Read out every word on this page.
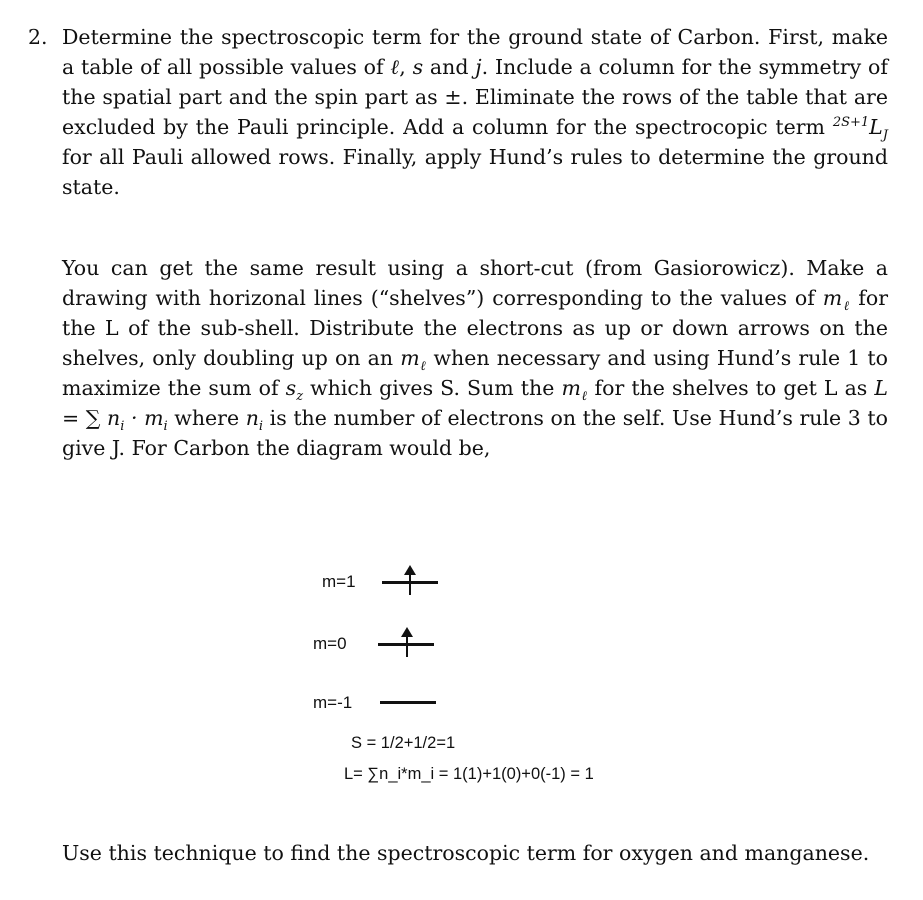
2. Determine the spectroscopic term for the ground state of Carbon. First, make a table of all possible values of ℓ, s and j. Include a column for the symmetry of the spatial part and the spin part as ±. Eliminate the rows of the table that are excluded by the Pauli principle. Add a column for the spectrocopic term $^{2S+1}L_J$ for all Pauli allowed rows. Finally, apply Hund’s rules to determine the ground state.
You can get the same result using a short-cut (from Gasiorowicz). Make a drawing with horizonal lines (“shelves”) corresponding to the values of $m_\ell$ for the L of the sub-shell. Distribute the electrons as up or down arrows on the shelves, only doubling up on an $m_\ell$ when necessary and using Hund’s rule 1 to maximize the sum of $s_z$ which gives S. Sum the $m_\ell$ for the shelves to get L as L = ∑ $n_i \cdot m_i$ where $n_i$ is the number of electrons on the self. Use Hund’s rule 3 to give J. For Carbon the diagram would be,
m=1
m=0
m=-1
S = 1/2+1/2=1
L= ∑n_i*m_i = 1(1)+1(0)+0(-1) = 1
Use this technique to find the spectroscopic term for oxygen and manganese.
